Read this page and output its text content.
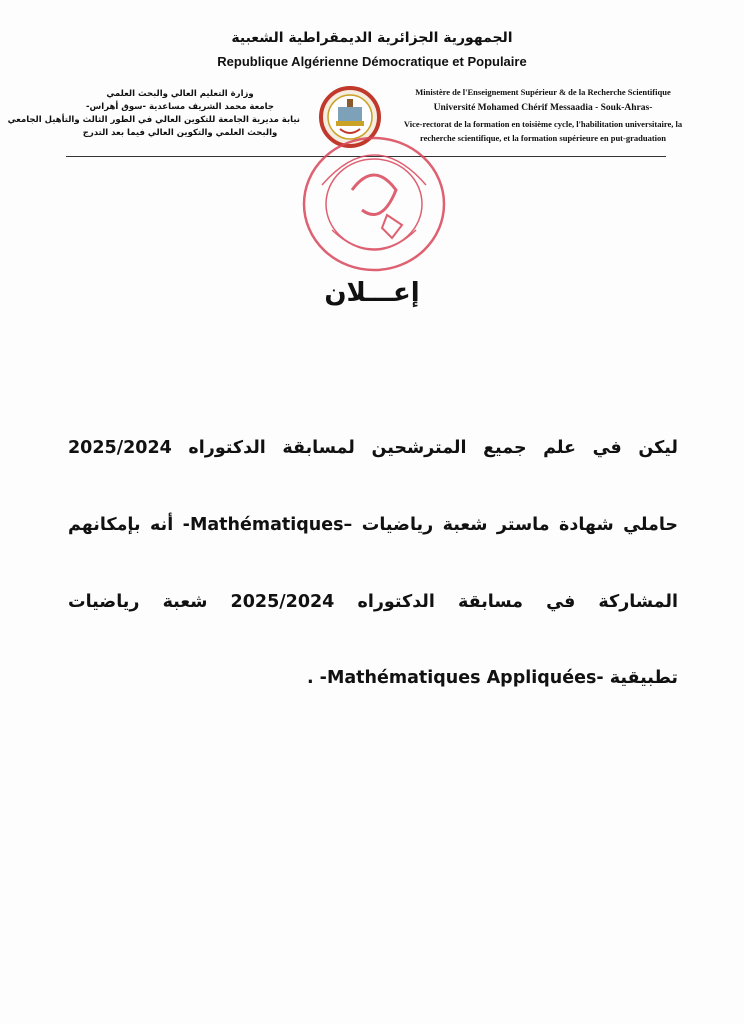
الجمهورية الجزائرية الديمقراطية الشعبية
Republique Algérienne Démocratique et Populaire
وزارة التعليم العالي والبحث العلمي
جامعة محمد الشريف مساعدية -سوق أهراس-
نيابة مديرية الجامعة للتكوين العالي في الطور الثالث والتأهيل الجامعي
والبحث العلمي والتكوين العالي فيما بعد التدرج
Ministère de l'Enseignement Supérieur & de la Recherche Scientifique
Université Mohamed Chérif Messaadia - Souk-Ahras-
Vice-rectorat de la formation en toisième cycle, l'habilitation universitaire, la
recherche scientifique, et la formation supérieure en put-graduation
إعـــلان
ليكن في علم جميع المترشحين لمسابقة الدكتوراه 2025/2024
حاملي شهادة ماستر شعبة رياضيات –Mathématiques- أنه بإمكانهم
المشاركة في مسابقة الدكتوراه 2025/2024 شعبة رياضيات
تطبيقية -Mathématiques Appliquées- .
